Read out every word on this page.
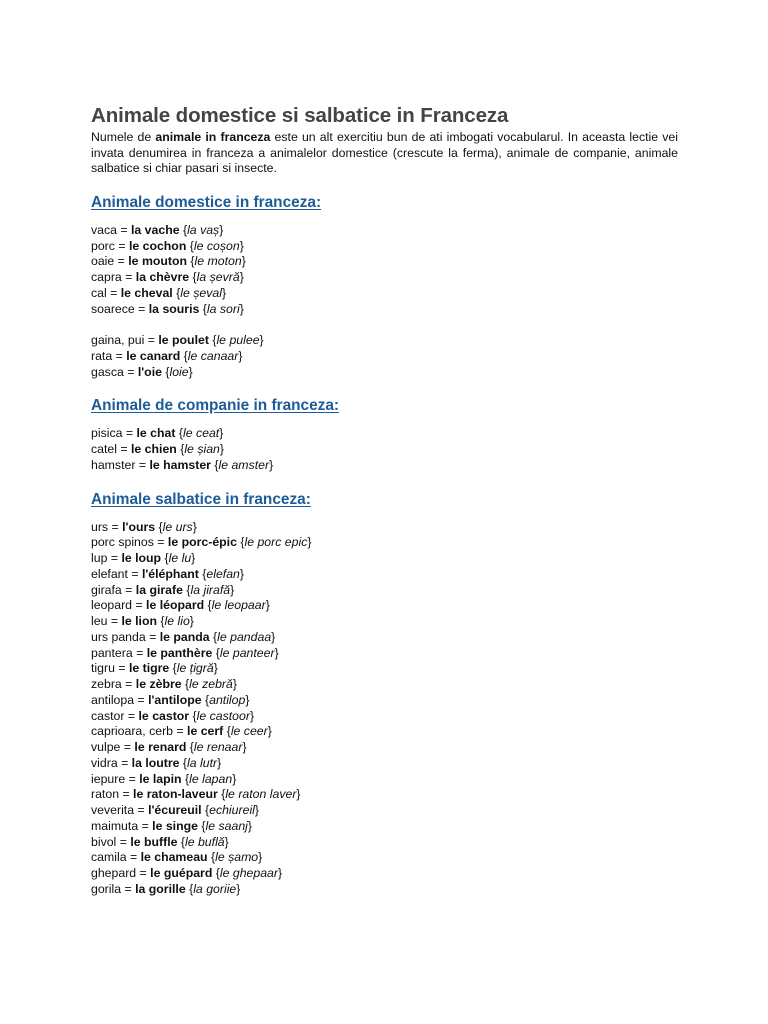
Animale domestice si salbatice in Franceza

Numele de animale in franceza este un alt exercitiu bun de ati imbogati vocabularul. In aceasta lectie vei invata denumirea in franceza a animalelor domestice (crescute la ferma), animale de companie, animale salbatice si chiar pasari si insecte.

Animale domestice in franceza:
vaca = la vache {la vaș}
porc = le cochon {le coșon}
oaie = le mouton {le moton}
capra = la chèvre {la șevră}
cal = le cheval {le șeval}
soarece = la souris {la sori}
gaina, pui = le poulet {le pulee}
rata = le canard {le canaar}
gasca = l'oie {loie}
Animale de companie in franceza:
pisica = le chat {le ceat}
catel = le chien {le șian}
hamster = le hamster {le amster}
Animale salbatice in franceza:
urs = l'ours {le urs}
porc spinos = le porc-épic {le porc epic}
lup = le loup {le lu}
elefant = l'éléphant {elefan}
girafa = la girafe {la jirafă}
leopard = le léopard {le leopaar}
leu = le lion {le lio}
urs panda = le panda {le pandaa}
pantera = le panthère {le panteer}
tigru = le tigre {le țigră}
zebra = le zèbre {le zebră}
antilopa = l'antilope {antilop}
castor = le castor {le castoor}
caprioara, cerb = le cerf {le ceer}
vulpe = le renard {le renaar}
vidra = la loutre {la lutr}
iepure = le lapin {le lapan}
raton = le raton-laveur {le raton laver}
veverita = l'écureuil {echiureil}
maimuta = le singe {le saanj}
bivol = le buffle {le buflă}
camila = le chameau {le șamo}
ghepard = le guépard {le ghepaar}
gorila = la gorille {la goriie}
